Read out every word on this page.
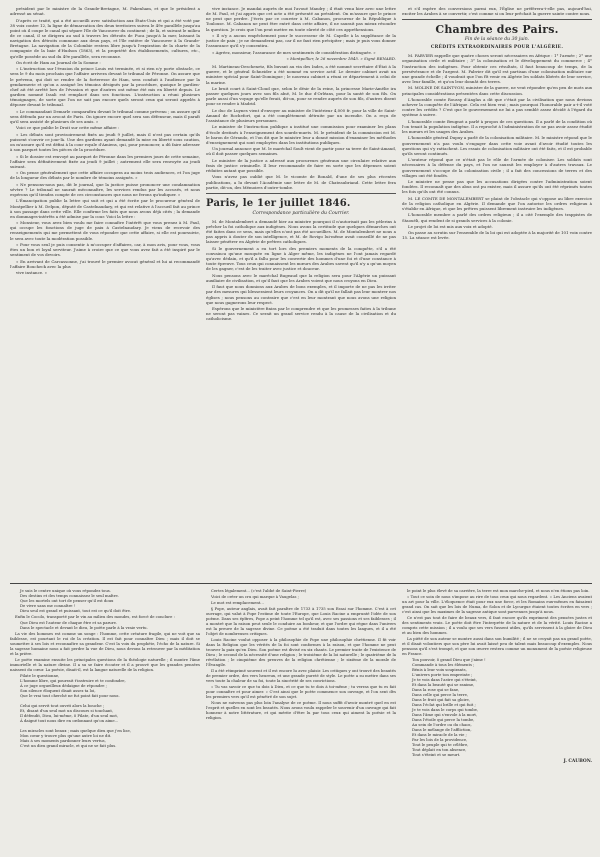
président par le ministre de la Grande-Bretagne, M. Pakenham, et que le président a adressé au sénat.

D'après ce traité, qui a été accueilli avec satisfaction aux États-Unis et qui a été voté par 38 voix contre 12, la ligne de démarcation des deux territoires suivra le 49e parallèle jusqu'au point où il coupe le canal qui sépare l'île de Vancouver du continent ; de là, et suivant le milieu de ce canal, il se dirigera au sud à travers les détroits de Fuca jusqu'à la mer, laissant la navigation des détroits commune aux deux pays, et l'île entière de Vancouver à la Grande-Bretagne. La navigation de la Colombie restera libre jusqu'à l'expiration de la charte de la compagnie de la baie d'Hudson (1863), et la propriété des établissements, cultures, etc., qu'elle possède au sud du 49e parallèle, sera reconnue.

On écrit de Ham au Journal de la Somme :

« L'instruction sur l'évasion du prince Louis est terminée, et si rien n'y porte obstacle, ce sera le 9 du mois prochain que l'affaire arrivera devant le tribunal de Péronne. On assure que le prévenu, qui doit se rendre de la forteresse de Ham, sera conduit à l'audience par la gendarmerie et qu'on a assigné les témoins désignés par la procédure, quoique le gardien-chef ait été arrêté lors de l'évasion et que d'autres ont même été mis en liberté depuis. Le gardien nommé Issali est remplacé dans ses fonctions. L'instruction a réuni plusieurs témoignages, de sorte que l'on ne sait pas encore quels seront ceux qui seront appelés à déposer devant le tribunal.

« Le commandant Demarle comparaîtra devant le tribunal comme prévenu ; on assure qu'il sera défendu par un avocat de Paris. On ignore encore quel sera son défenseur, mais il paraît qu'il sera assisté de plusieurs de ses amis. »

Voici ce que publie le Droit sur cette même affaire :

« Les débats sont provisoirement fixés au jeudi 9 juillet, mais il n'est pas certain qu'ils puissent s'ouvrir ce jour-là. Une des gardiens ayant demandé la mise en liberté sous caution, on m'assure qu'il est défini à la cour royale d'Amiens, qui, pour prononcer, a dû faire adresser à son parquet toutes les pièces de la procédure.

« Si le dossier est renvoyé au parquet de Péronne dans les premiers jours de cette semaine, l'affaire sera définitivement fixée au jeudi 9 juillet ; autrement elle sera renvoyée au jeudi suivant.

« On pense généralement que cette affaire occupera au moins trois audiences, et l'on juge de la longueur des débats par le nombre de témoins assignés. »

« Ne pensons-nous pas, dit le journal, que la justice puisse prononcer une condamnation sévère ? Le tribunal ne saurait méconnaître, les services rendus par les accusés, et nous espérons qu'il tiendra compte de ces circonstances que nous ne ferons qu'indiquer. »

L'Émancipation publie la lettre qui suit et qui a été écrite par le procureur général de Montpellier à M. Delpon, député de Castelnaudary, et qui est relative à l'accueil fait au prince à son passage dans cette ville. Elle confirme les faits que nous avons déjà cités ; la demande en dommages-intérêts a été admise par la cour. Voici la lettre :

« Monsieur, vous avez bien voulu me faire connaître l'intérêt que vous prenez à M. Paul, qui occupe les fonctions de juge de paix à Castelnaudary. Je viens de recevoir des renseignements qui me permettent de vous répondre que cette affaire, si elle est poursuivie, le sera avec toute la modération possible.

« Pour vous seul je puis consentir à m'occuper d'affaires, car, à mon avis, pour vous, vous êtes un bon et loyal serviteur. J'aime à croire que ce que vous avez fait a été inspiré par le sentiment de vos devoirs.

« En arrivant de Carcassonne, j'ai trouvé le premier avocat général et lui ai recommandé l'affaire Boucheck avec la plus

vive instance. »

vive instance. Je mandai auprès de moi l'avoué Mandry ; il était venu hier avec une lettre de M. Paul, et j'ai appris que cet acte a été présenté au président. On m'assure que le prince ne peut que perdre. J'écris par ce courrier à M. Cabanon, procureur de la République à Toulouse. M. Cabanon ne peut être entré dans cette affaire, il ne saurait pas mieux résoudre la question. Je crois que l'on peut mettre en toute sûreté de côté ces appréhensions.

« Il n'y a aucun empêchement pour le successeur de M. Capelle à la suppléance de la justice de paix ; je ne demanderai pas, car il ne faut rien précipiter ; mais je puis vous donner l'assurance qu'il s'y consentira.

« Agréez, monsieur, l'assurance de mes sentiments de considération distinguée. »

« Montpellier, le 26 novembre 1845. » Signé RENARD.

M. Martineau-Deschenetz, fils buvant au vin des Indes, a été nommé secrétaire d'État à la guerre, et le général Schneider a été nommé en service actif. Le dernier cabinet avait un ministre spécial pour Saint-Domingue ; le nouveau cabinet a réuni ce département à celui de la marine.

Le bruit court à Saint-Cloud que, selon le désir de la reine, la princesse Marie-Amélie ira passer quelques jours avec son fils aîné, M. le duc d'Orléans, pour la santé de son fils. On parle aussi d'un voyage qu'elle ferait, dit-on, pour se rendre auprès de son fils, d'autres disent pour se rendre à Madrid.

Le duc de Luynes vient d'envoyer au ministre de l'intérieur 4,000 fr. pour la ville de Saint-Amand de Rochefort, qui a été complètement détruite par un incendie. On a reçu de l'assistance de plusieurs personnes.

Le ministre de l'instruction publique a institué une commission pour examiner les plans d'école destinés à l'enseignement des sourds-muets. M. le président de la commission est M. le baron de Gérando, et l'on dit que le ministre leur a donné mission d'examiner les méthodes d'enseignement qui sont employées dans les institutions publiques.

Un journal annonce que M. le maréchal Soult vient de partir pour sa terre de Saint-Amand, où il doit passer quelques semaines.

Le ministre de la justice a adressé aux procureurs généraux une circulaire relative aux frais de justice criminelle. Il leur recommande de faire en sorte que les dépenses soient réduites autant que possible.

Vous n'avez pas oublié que M. le vicomte de Bonald, d'une de ses plus récentes publications, a lu devant l'Académie une lettre de M. de Chateaubriand. Cette lettre fera partie, dit-on, des Mémoires d'outre-tombe.

Paris, le 1er juillet 1846.
Correspondance particulière du Courrier.

M. de Montalembert a demandé hier au ministre pourquoi il n'autorisait pas les pèlerins à prêcher la foi catholique aux indigènes. Nous avons la certitude que quelques démarches ont été faites dans ce sens, mais qu'elles n'ont pas été accueillies. M. de Montalembert ne nous a pas appris à douter de son intelligence, et M. de Rovigo lui-même avait conseillé de ne pas laisser pénétrer en Algérie de prêtres catholiques.

Si le gouvernement a eu tort lors des premiers moments de la conquête, s'il a été convaincu qu'une mosquée en ligne à Alger même, les indigènes ne l'ont jamais regardé qu'avec dédain, et qu'il a fallu pour les convertir des hommes d'une foi et d'une constance à toute épreuve. Tous ceux qui connaissent les mœurs des Arabes savent qu'il n'y a qu'un moyen de les gagner, c'est de les traiter avec justice et douceur.

Nous pensons avec le maréchal Bugeaud que la religion sera pour l'Algérie un puissant auxiliaire de civilisation, et qu'il faut que les Arabes voient que nous croyons en Dieu.

Il faut que nous donnions aux Arabes de bons exemples, et il importe de ne pas les irriter par des mesures qui blesseraient leurs croyances. On a dit qu'il ne fallait pas leur montrer nos églises ; nous pensons au contraire que c'est en leur montrant que nous avons une religion que nous gagnerons leur respect.

Espérons que le ministère finira par le comprendre et que les promesses faites à la tribune ne seront pas vaines. Ce serait un grand service rendu à la cause de la civilisation et du catholicisme.

et s'il espère des conversions parmi eux, l'Église ne préférera-t-elle pas, aujourd'hui, exciter les Arabes à se convertir, c'est comme si on leur prêchait la guerre sainte contre nous.

Chambre des Pairs.
Fin de la séance du 30 juin.
CRÉDITS EXTRAORDINAIRES POUR L'ALGÉRIE.

M. FABVIER rappelle que quatre choses seront nécessaires en Afrique : 1° l'armée ; 2° une organisation civile et militaire ; 3° la colonisation et le développement du commerce ; 4° l'instruction des indigènes. Pour obtenir ces résultats, il faut beaucoup de temps, de la persévérance et de l'argent. M. Fabvier dit qu'il est partisan d'une colonisation militaire sur une grande échelle ; il voudrait que l'on fît venir en Algérie les soldats libérés de leur service, avec leur famille, et qu'on leur donnât des terres.

M. MOLINE DE SAINT-YON, ministre de la guerre, ne veut répondre qu'en peu de mots aux principales considérations présentées dans cette discussion.

L'honorable comte Roussy d'Anglas a dit que c'était par la civilisation que nous devions achever la conquête de l'Afrique. Cela est bien vrai ; mais pourquoi l'honorable pair a-t-il voté contre les crédits ? C'est que le gouvernement ne lui a pas semblé assez décidé à l'égard du système à suivre.

L'honorable comte Beugnot a parlé à propos de ces questions. Il a parlé de la condition où l'on tenait la population indigène. Il a reproché à l'administration de ne pas avoir assez étudié les mœurs et les usages des Arabes.

L'honorable général Dupuy a parlé de la colonisation militaire. M. le ministre répond que le gouvernement n'a pas voulu s'engager dans cette voie avant d'avoir étudié toutes les questions qui s'y rattachent. Les essais de colonisation militaire ont été faits, et il est probable qu'ils seront continués.

L'orateur répond que ce n'était pas le rôle de l'armée de coloniser. Les soldats sont nécessaires à la défense du pays, et l'on ne saurait les employer à d'autres travaux. Le gouvernement s'occupe de la colonisation civile ; il a fait des concessions de terres et des villages ont été fondés.

Le ministre ne pense pas que les accusations dirigées contre l'administration soient fondées. Il reconnaît que des abus ont pu exister, mais il assure qu'ils ont été réprimés toutes les fois qu'ils ont été connus.

M. LE COMTE DE MONTALEMBERT se plaint de l'obstacle qui s'oppose au libre exercice de la religion catholique en Algérie. Il demande que l'on autorise les ordres religieux à s'établir en Afrique, et que les prêtres puissent librement instruire les indigènes.

L'honorable membre a parlé des ordres religieux ; il a cité l'exemple des trappistes de Staouéli, qui rendent de si grands services à la colonie.

Le projet de loi est mis aux voix et adopté.

On passe au scrutin sur l'ensemble de la loi qui est adoptée à la majorité de 101 voix contre 15. La séance est levée.

Je suis le centre unique où vous répondez tous.
Des destins et des temps connaissez le seul maître.
Que les mortels ont tort de penser qu'il est doux
De vivre sans me connaître !
Dieu seul est grand et puissant, tout est ce qu'il doit être.

Enfin le Cocolo, transporté par le vin au milieu des mondes, est forcé de conclure :

Que Dieu est l'auteur de chaque être et sa parure.
Dans le spectacle et devant le dieu, le poète parle à la vraie vertu.

La vie des hommes est comme un songe : l'homme, cette créature fragile, qui ne voit que sa faiblesse, est pourtant le roi de la création. Il est fait pour connaître Dieu ; mais il doit se soumettre à ses lois et reconnaître sa grandeur. C'est la voix du prophète, l'écho de la nature. Si la sagesse humaine nous a fait perdre la vue de Dieu, nous devons la retrouver par la méditation et la prière.

Le poète examine ensuite les principales questions de la théologie naturelle ; il montre l'âme immortelle et la nature divine. Il a su se faire écouter et il a prouvé que les grandes pensées naissent du cœur. La poésie, disait-il, est la langue naturelle de la religion.

Pilate le questionne,
L'homme libre, qui pourrait t'instruire et te confondre,
À ce juge orgueilleux dédaigne de répondre ;
Son silence éloquent disait assez ta loi,
Que le vrai tout cherché ne fut point fait pour nous.

Celui qui servit tout ouvrit alors la bouche ;
Et, disant d'un seul mot un discours si touchant,
Il défendit, Dieu, lui-même, ô Pilate, d'un seul mot,
À daigné tout nous dire en ordonnant qu'on aime...

Les miracles sont beaux ; mais quelque dieu que j'en lise,
Mon cœur y trouve plus qu'une autre loi ne dit.
Mais à ses moments pardonner leurs vertus,
C'est un dieu grand miracle, et qui ne se fait plus.

Certes légalement... (c'est l'abbé de Saint-Pierre)

Voici de créer un cru qui marque à Vaugelas ;

Le mot est remplacement...

§ Pope, auteur anglais, avait fait paraître de 1733 à 1735 son Essai sur l'homme. C'est à cet ouvrage, qui valut à Pope l'estime de toute l'Europe, que Louis Racine a emprunté l'idée de son poème. Dans ses épîtres, Pope a peint l'homme tel qu'il est, avec ses passions et ses faiblesses ; il a montré que la raison peut seule le conduire au bonheur, et que l'ordre qui règne dans l'univers est la preuve de la sagesse divine. Ce poème a été traduit dans toutes les langues, et il a été l'objet de nombreuses critiques.

Louis Racine voulut opposer à la philosophie de Pope une philosophie chrétienne. Il fit voir dans la Religion que les vérités de la foi sont conformes à la raison, et que l'homme ne peut trouver la paix qu'en Dieu. Son poème est divisé en six chants. Le premier traite de l'existence de Dieu ; le second de la nécessité d'une religion ; le troisième de la loi naturelle ; le quatrième de la révélation ; le cinquième des preuves de la religion chrétienne ; le sixième de la morale de l'Évangile.

Il a été réimprimé souvent et il est encore lu avec plaisir. Les critiques y ont trouvé des beautés de premier ordre, des vers heureux, et une grande pureté de style. Le poète a su mettre dans ses vers toute la chaleur de sa foi, toute la sincérité de ses convictions.

« Tu vas savoir ce que tu dois à Dieu, et ce que tu te dois à toi-même ; tu verras que tu es fait pour connaître et pour aimer. » C'est ainsi que le poète commence son ouvrage, et l'on sent dès les premiers vers qu'il est pénétré de son sujet.

Nous ne suivrons pas plus loin l'analyse de ce poème. Il nous suffit d'avoir montré quel en est l'esprit et quelles en sont les beautés. Nous avons voulu rappeler le souvenir d'un ouvrage qui fait honneur à notre littérature, et qui mérite d'être lu par tous ceux qui aiment la poésie et la religion.

le point le plus élevé de sa carrière, la terre est mon marche-pied, et nous n'en étions pas loin.

« Tout ce soin de nous s'impose au rire de tous ceux qui nous regardent. » Les Anciens avaient un art pour la ville. L'éloquence était pour eux une force, et les Romains eux-mêmes en faisaient grand cas. On sait que les lois de Numa, de Solon et de Lycurgue étaient toutes écrites en vers ; c'est ainsi que les maximes de la sagesse antique sont parvenues jusqu'à nous.

Ce n'est pas tout de faire de beaux vers, il faut encore qu'ils expriment des pensées justes et des sentiments vrais. Le poète doit être l'interprète de la nature et de la vérité. Louis Racine a compris cette mission ; il a voulu que ses vers fussent utiles, qu'ils servissent à la gloire de Dieu et au bien des hommes.

La piété de son auteur se montre aussi dans son humilité ; il ne se croyait pas un grand poète, et il disait volontiers que son père lui avait laissé peu de talent mais beaucoup d'exemples. Nous pensons qu'il s'est trompé, et que son œuvre restera comme un monument de la poésie religieuse en France.

Ton pouvoir, ô grand Dieu que j'aime !
Commande à tous les éléments ;
Bénis à leur voix soupirants,
L'univers porte ton empreinte ;
Je te vois dans l'astre qui s'éteint,
Et dans la beauté qui se ranime,
Dans la rose qui se fane,
Dans celle qui perce la terre,
Dans le fruit qui fait sa gloire,
Dans l'éclat qui brille et qui fuit ;
Je te vois dans le corps qui tombe,
Dans l'âme qui s'envole à la mort,
Dans l'étoile qui perce la tombe,
Au sein de l'ordre ou du chaos,
Dans le mélange de l'affliction,
Et dans le miracle de la vie ;
Par les lois de la providence,
Tout le peuple qui te célèbre,
Tout déplait en ton absence,
Tout s'éteint et se meurt.
J. CAUBON.
